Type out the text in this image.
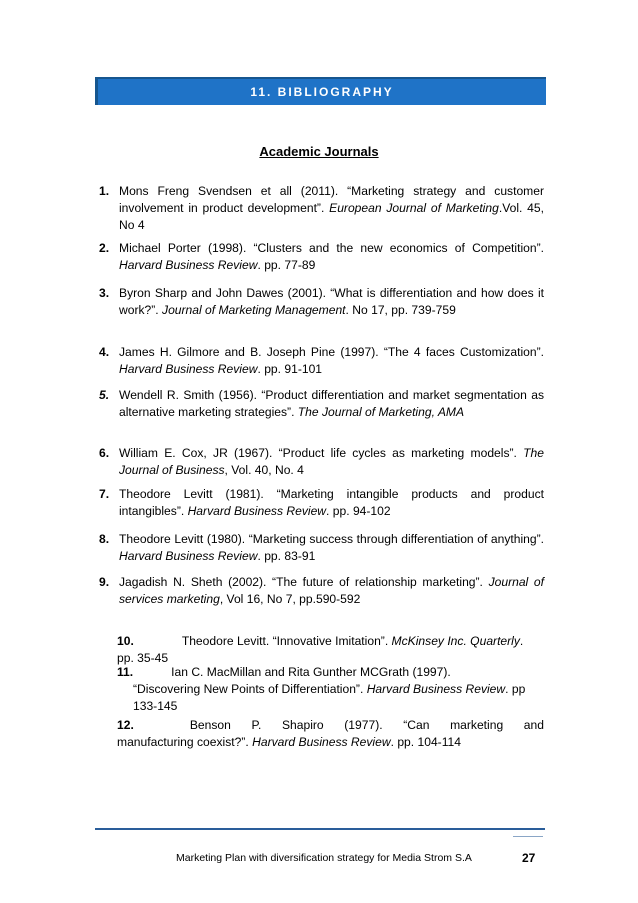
11. BIBLIOGRAPHY
Academic Journals
1. Mons Freng Svendsen et all (2011). “Marketing strategy and customer involvement in product development”. European Journal of Marketing.Vol. 45, No 4
2. Michael Porter (1998). “Clusters and the new economics of Competition”. Harvard Business Review. pp. 77-89
3. Byron Sharp and John Dawes (2001). “What is differentiation and how does it work?”. Journal of Marketing Management. No 17, pp. 739-759
4. James H. Gilmore and B. Joseph Pine (1997). “The 4 faces Customization”. Harvard Business Review. pp. 91-101
5. Wendell R. Smith (1956). “Product differentiation and market segmentation as alternative marketing strategies”. The Journal of Marketing, AMA
6. William E. Cox, JR (1967). “Product life cycles as marketing models”. The Journal of Business, Vol. 40, No. 4
7. Theodore Levitt (1981). “Marketing intangible products and product intangibles”. Harvard Business Review. pp. 94-102
8. Theodore Levitt (1980). “Marketing success through differentiation of anything”. Harvard Business Review. pp. 83-91
9. Jagadish N. Sheth (2002). “The future of relationship marketing”. Journal of services marketing, Vol 16, No 7, pp.590-592
10.	Theodore Levitt. “Innovative Imitation”. McKinsey Inc. Quarterly. pp. 35-45
11.	Ian C. MacMillan and Rita Gunther MCGrath (1997).
“Discovering New Points of Differentiation”. Harvard Business Review. pp 133-145
12.	Benson P. Shapiro (1977). “Can marketing and
manufacturing coexist?”. Harvard Business Review. pp. 104-114
Marketing Plan with diversification strategy for Media Strom S.A	27
